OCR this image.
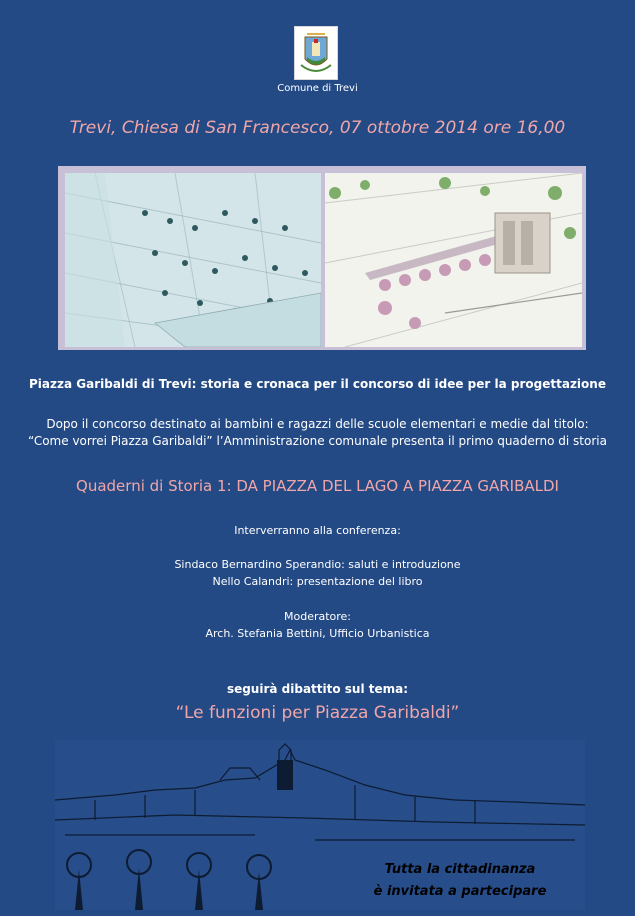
Comune di Trevi
Trevi, Chiesa di San Francesco, 07 ottobre 2014 ore 16,00
Piazza Garibaldi di Trevi: storia e cronaca per il concorso di idee per la progettazione
Dopo il concorso destinato ai bambini e ragazzi delle scuole elementari e medie dal titolo:
“Come vorrei Piazza Garibaldi” l’Amministrazione comunale presenta il primo quaderno di storia
Quaderni di Storia 1: DA PIAZZA DEL LAGO A PIAZZA GARIBALDI
Interverranno alla conferenza:
Sindaco Bernardino Sperandio: saluti e introduzione
Nello Calandri: presentazione del libro
Moderatore:
Arch. Stefania Bettini, Ufficio Urbanistica
seguirà dibattito sul tema:
“Le funzioni per Piazza Garibaldi”
Tutta la cittadinanza
è invitata a partecipare
